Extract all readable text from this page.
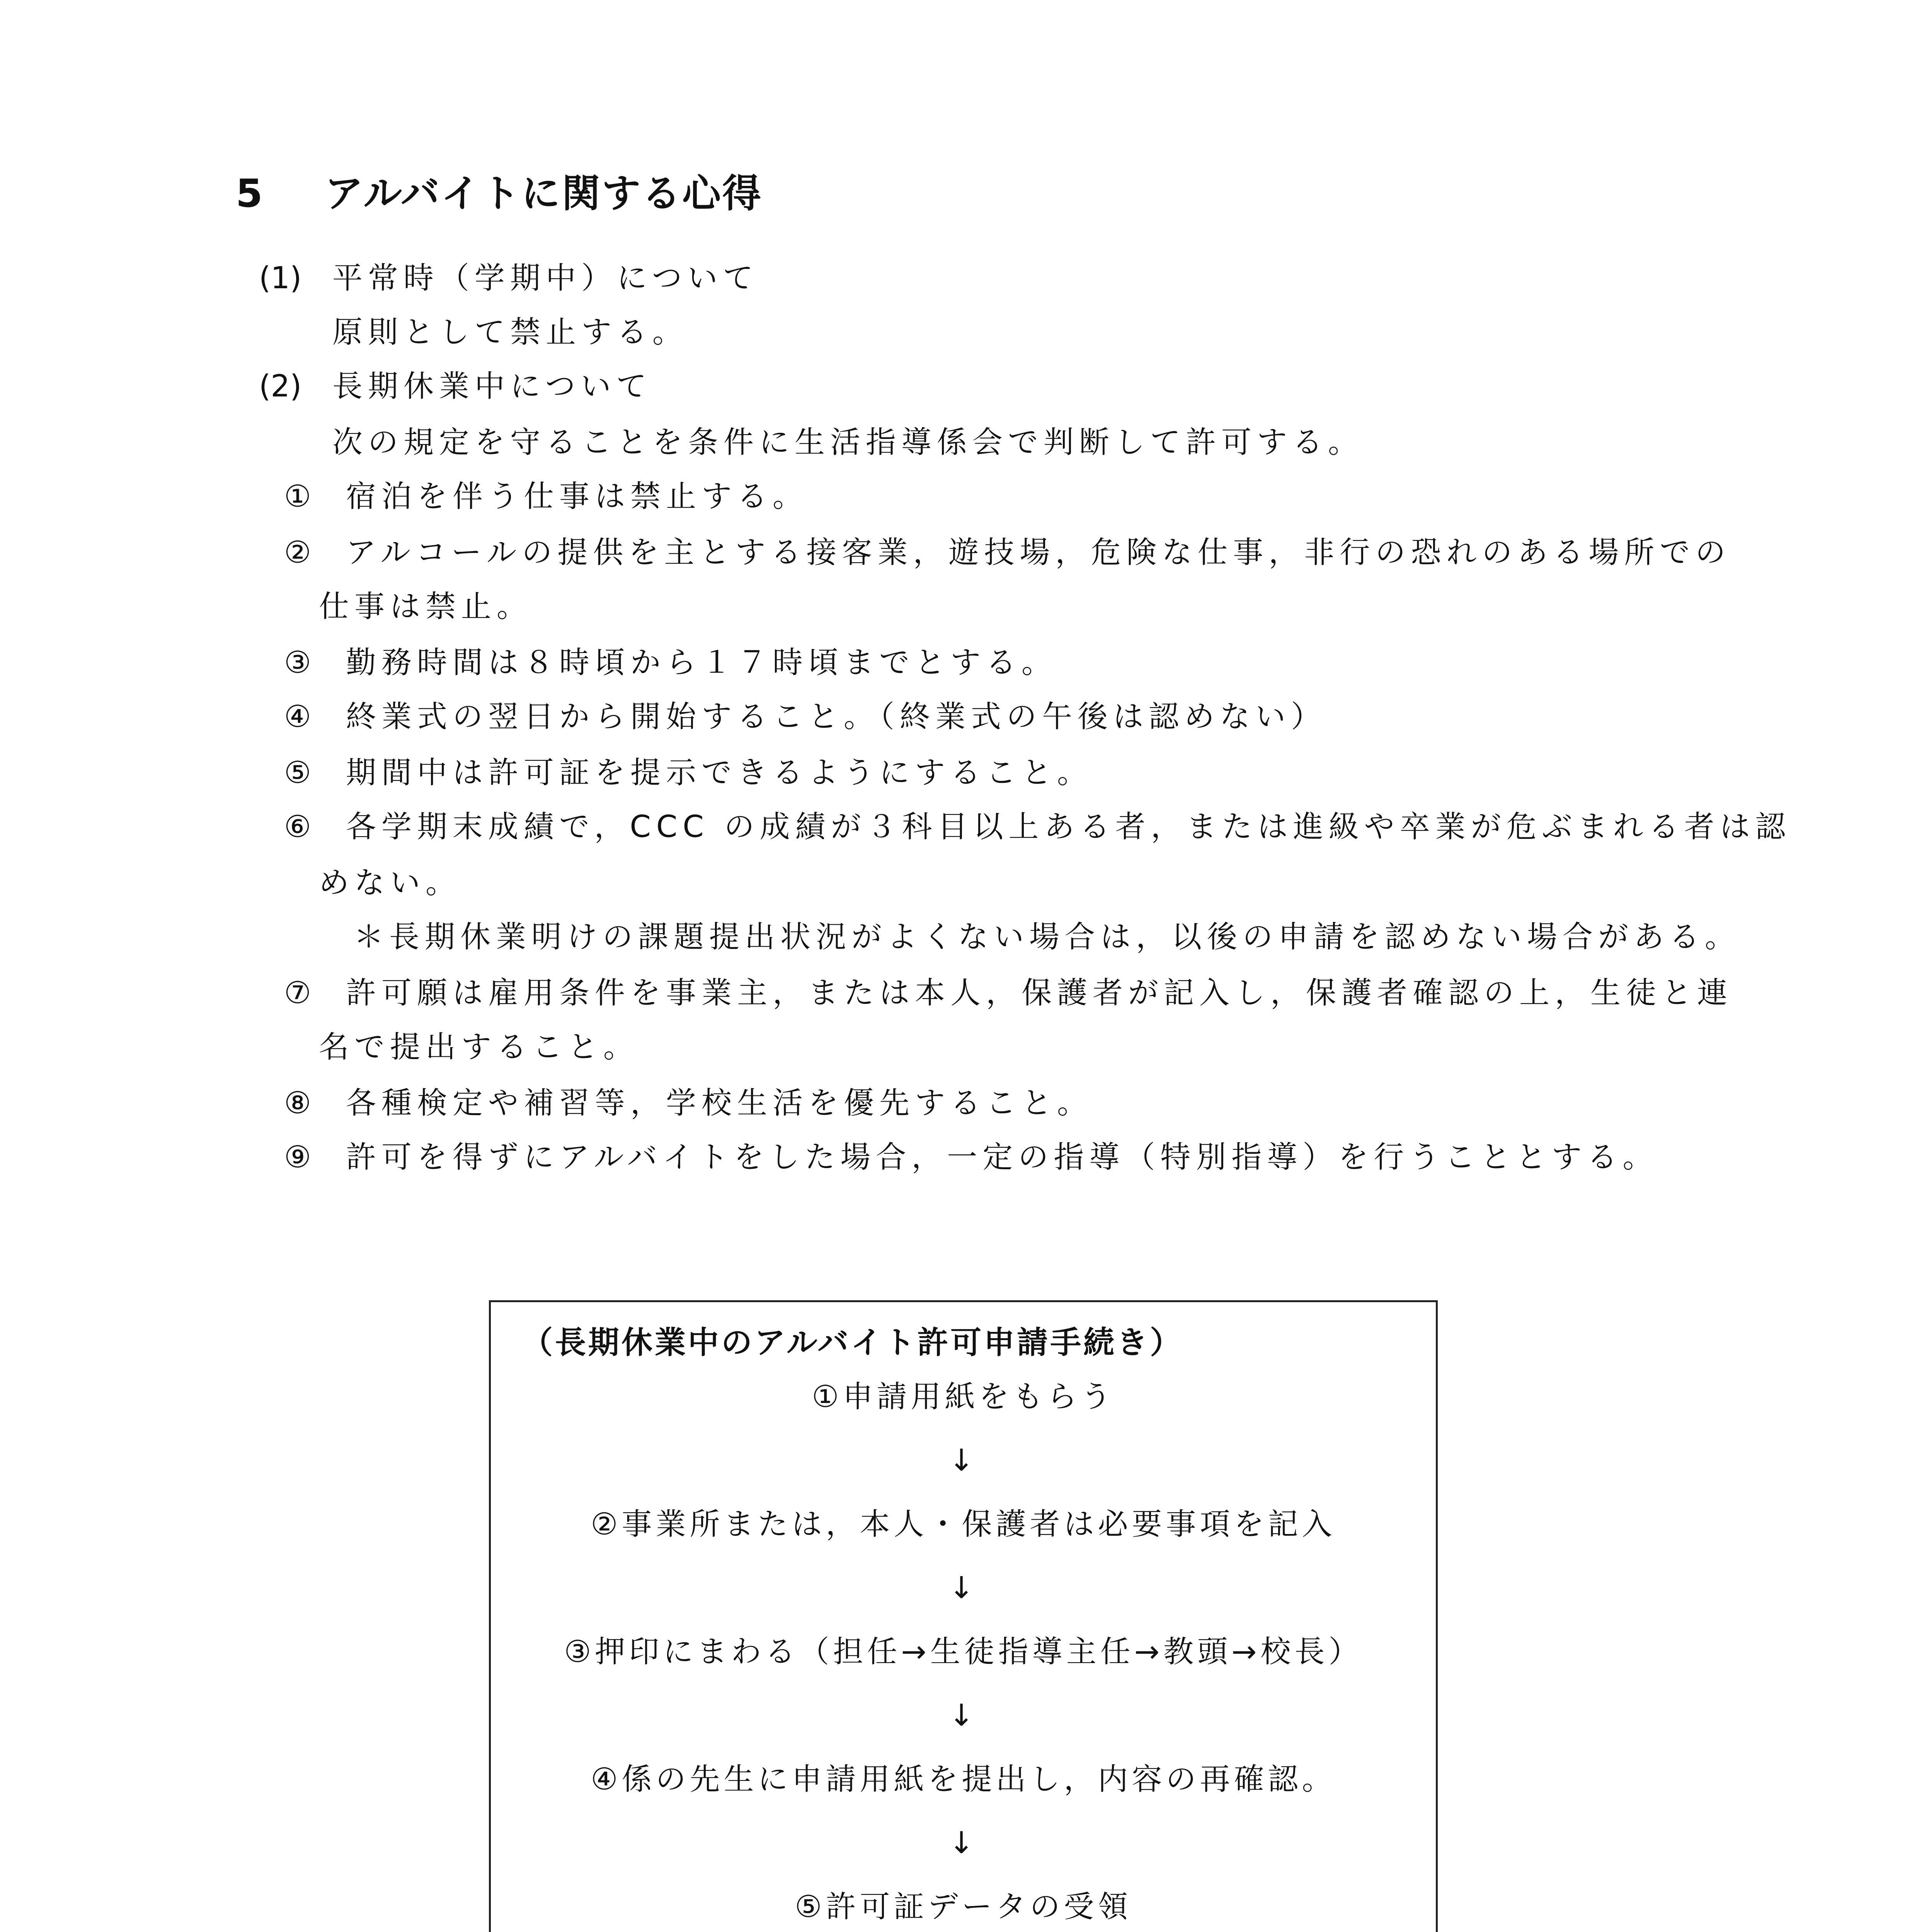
5 アルバイトに関する心得
(1) 平常時（学期中）について
原則として禁止する。
(2) 長期休業中について
次の規定を守ることを条件に生活指導係会で判断して許可する。
① 宿泊を伴う仕事は禁止する。
② アルコールの提供を主とする接客業，遊技場，危険な仕事，非行の恐れのある場所での
仕事は禁止。
③ 勤務時間は８時頃から１７時頃までとする。
④ 終業式の翌日から開始すること。（終業式の午後は認めない）
⑤ 期間中は許可証を提示できるようにすること。
⑥ 各学期末成績で，CCC の成績が３科目以上ある者，または進級や卒業が危ぶまれる者は認
めない。
＊長期休業明けの課題提出状況がよくない場合は，以後の申請を認めない場合がある。
⑦ 許可願は雇用条件を事業主，または本人，保護者が記入し，保護者確認の上，生徒と連
名で提出すること。
⑧ 各種検定や補習等，学校生活を優先すること。
⑨ 許可を得ずにアルバイトをした場合，一定の指導（特別指導）を行うこととする。
（長期休業中のアルバイト許可申請手続き）
①申請用紙をもらう
↓
②事業所または，本人・保護者は必要事項を記入
↓
③押印にまわる（担任→生徒指導主任→教頭→校長）
↓
④係の先生に申請用紙を提出し，内容の再確認。
↓
⑤許可証データの受領
